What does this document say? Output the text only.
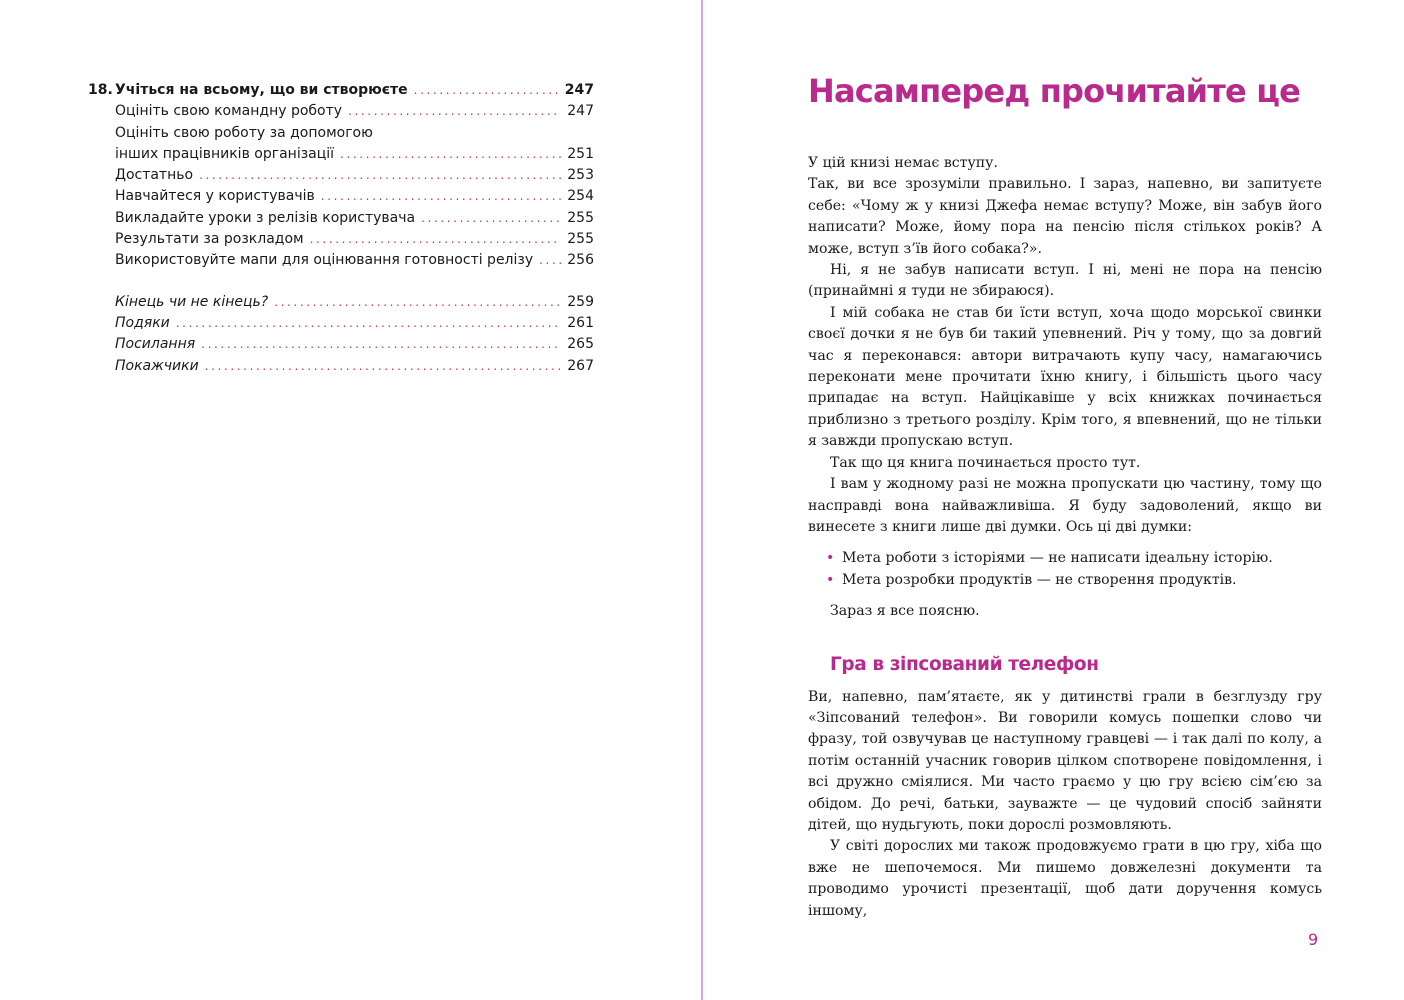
18. Учіться на всьому, що ви створюєте .....	247
Оцініть свою командну роботу .....	247
Оцініть свою роботу за допомогою
інших працівників організації .....	251
Достатньо .....	253
Навчайтеся у користувачів .....	254
Викладайте уроки з релізів користувача .....	255
Результати за розкладом .....	255
Використовуйте мапи для оцінювання готовності релізу ..... 256
Кінець чи не кінець? .....	259
Подяки .....	261
Посилання .....	265
Покажчики .....	267
Насамперед прочитайте це

У цій книзі немає вступу.

Так, ви все зрозуміли правильно. І зараз, напевно, ви запитуєте себе: «Чому ж у книзі Джефа немає вступу? Може, він забув його написати? Може, йому пора на пенсію після стількох років? А може, вступ з’їв його собака?».

Ні, я не забув написати вступ. І ні, мені не пора на пенсію (принаймні я туди не збираюся).

І мій собака не став би їсти вступ, хоча щодо морської свинки своєї дочки я не був би такий упевнений. Річ у тому, що за довгий час я переконався: автори витрачають купу часу, намагаючись переконати мене прочитати їхню книгу, і більшість цього часу припадає на вступ. Найцікавіше у всіх книжках починається приблизно з третього розділу. Крім того, я впевнений, що не тільки я завжди пропускаю вступ.

Так що ця книга починається просто тут.

І вам у жодному разі не можна пропускати цю частину, тому що насправді вона найважливіша. Я буду задоволений, якщо ви винесете з книги лише дві думки. Ось ці дві думки:

• Мета роботи з історіями — не написати ідеальну історію.
• Мета розробки продуктів — не створення продуктів.

Зараз я все поясню.

Гра в зіпсований телефон

Ви, напевно, пам’ятаєте, як у дитинстві грали в безглузду гру «Зіпсований телефон». Ви говорили комусь пошепки слово чи фразу, той озвучував це наступному гравцеві — і так далі по колу, а потім останній учасник говорив цілком спотворене повідомлення, і всі дружно сміялися. Ми часто граємо у цю гру всією сім’єю за обідом. До речі, батьки, зауважте — це чудовий спосіб зайняти дітей, що нудьгують, поки дорослі розмовляють.

У світі дорослих ми також продовжуємо грати в цю гру, хіба що вже не шепочемося. Ми пишемо довжелезні документи та проводимо урочисті презентації, щоб дати доручення комусь іншому,

9
